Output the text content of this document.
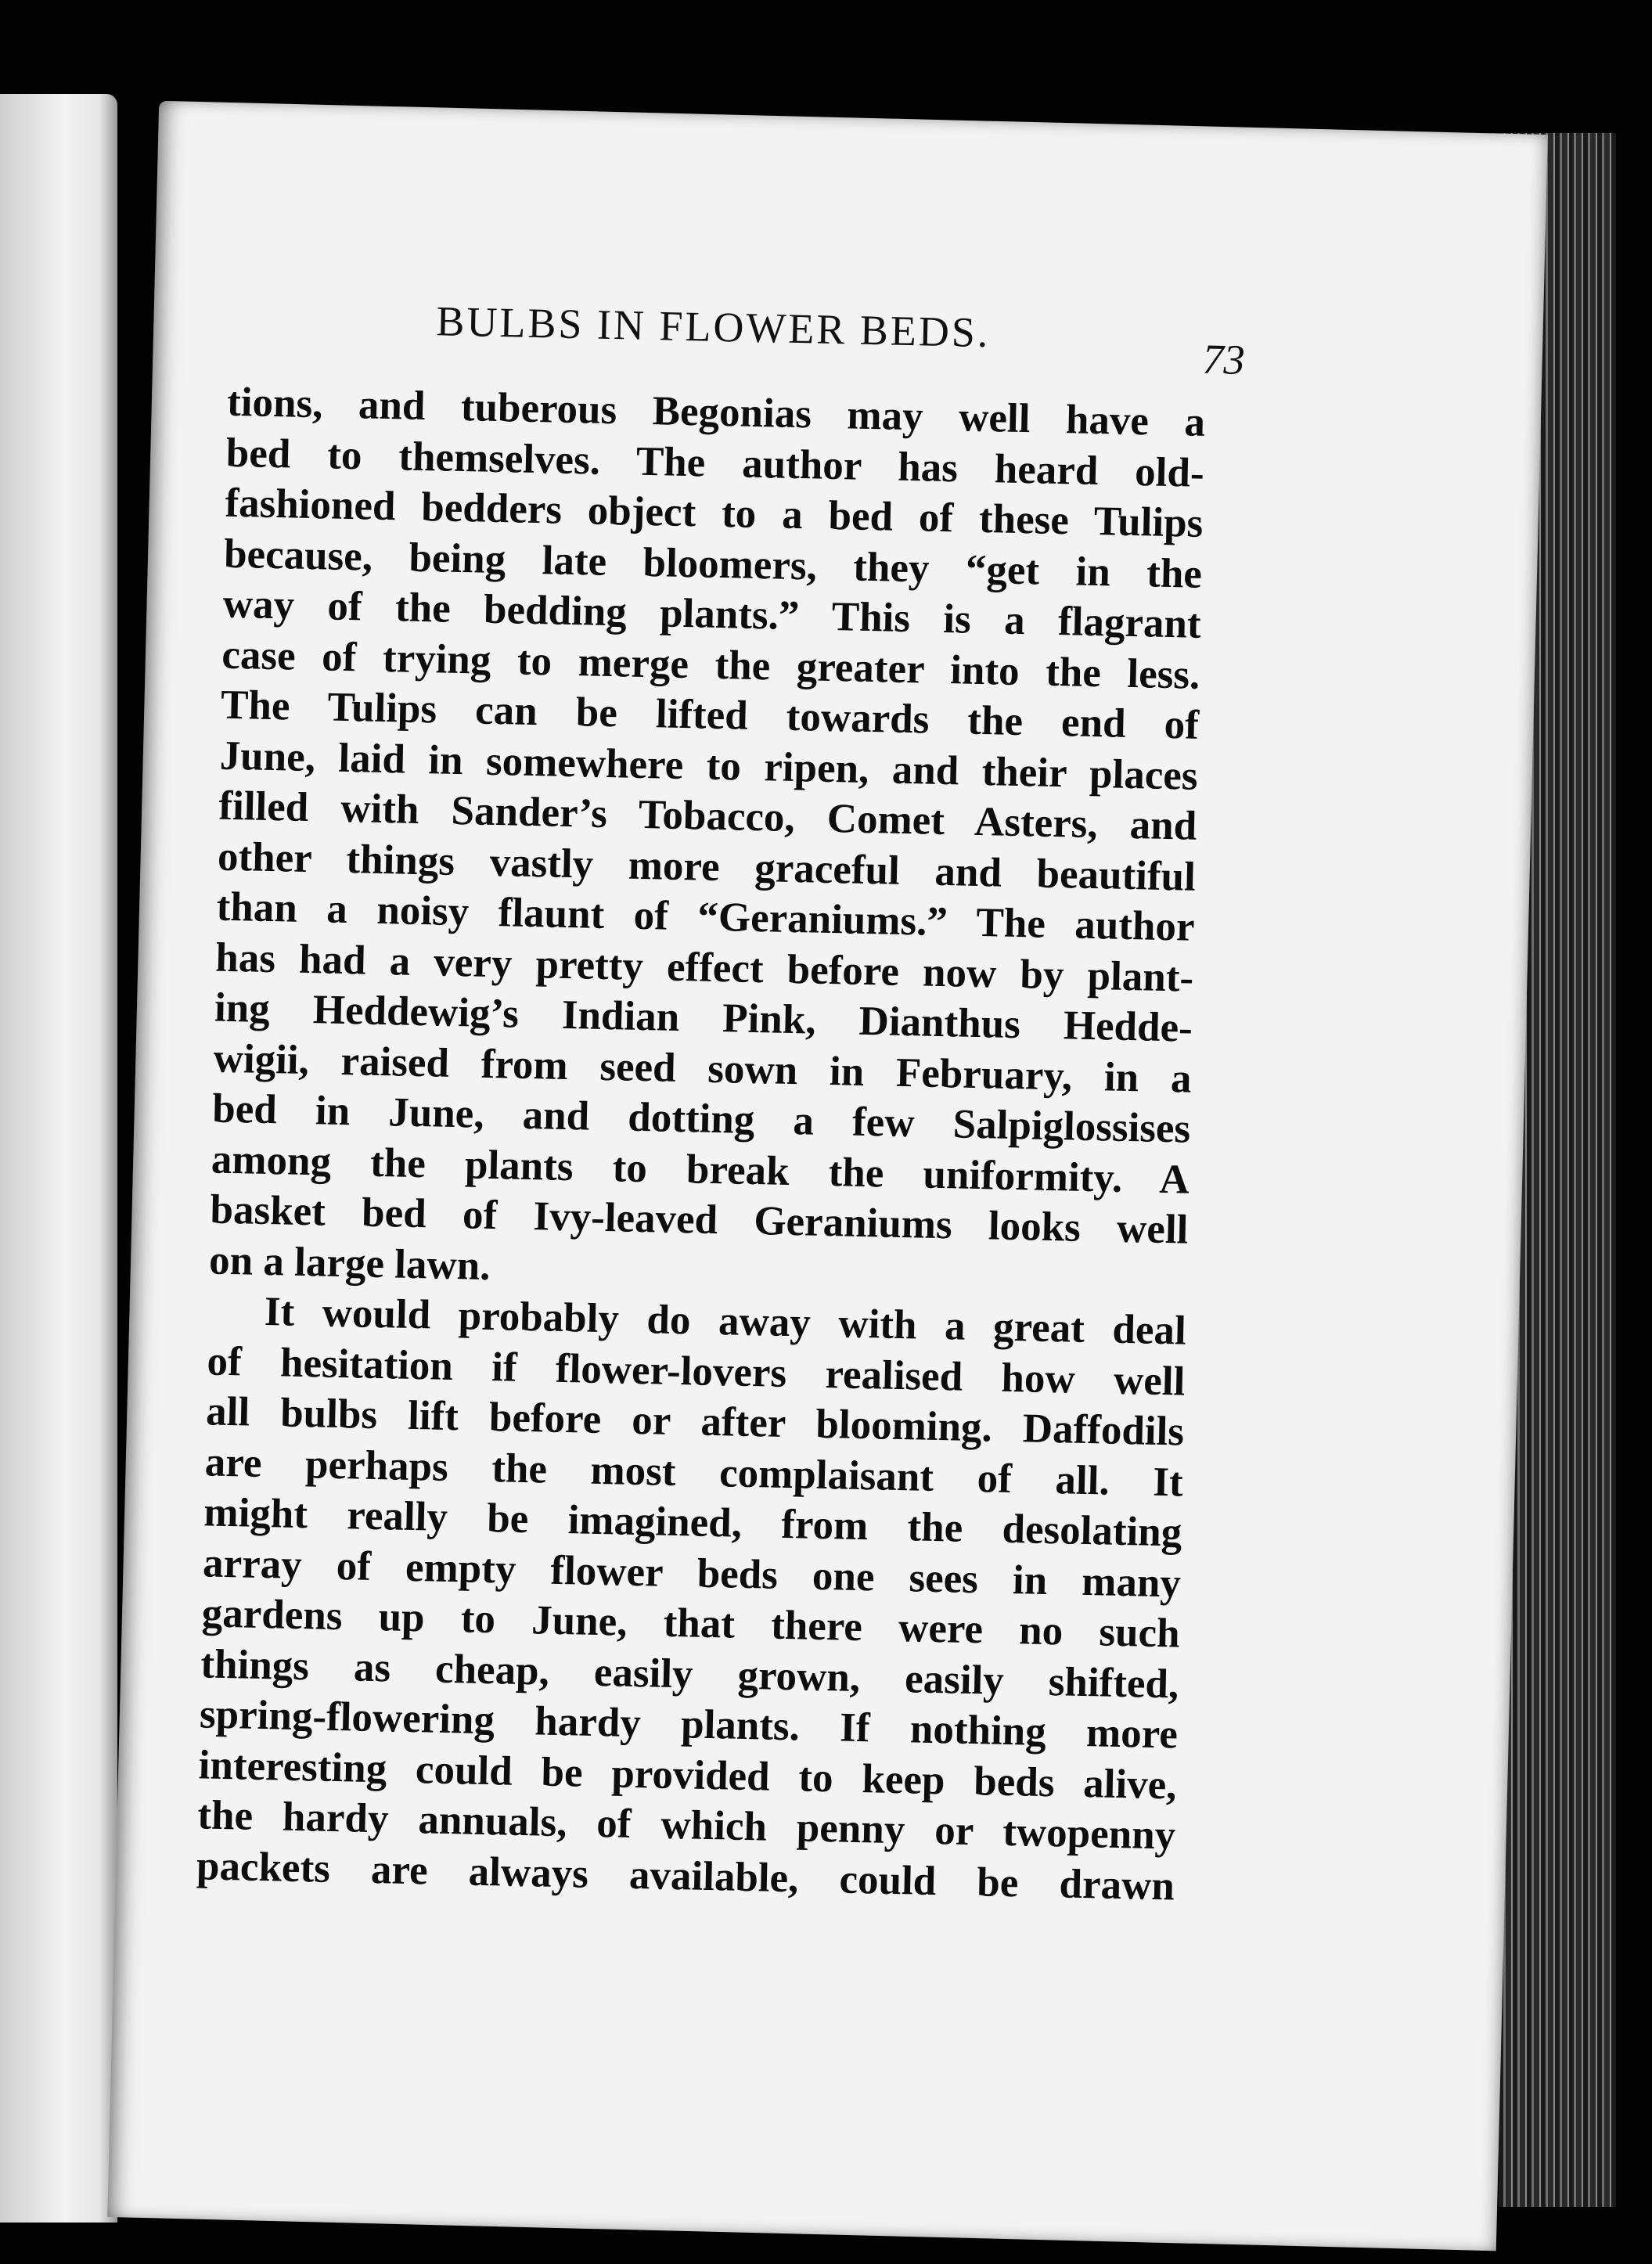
BULBS IN FLOWER BEDS.
73
tions, and tuberous Begonias may well have a
bed to themselves. The author has heard old-
fashioned bedders object to a bed of these Tulips
because, being late bloomers, they “get in the
way of the bedding plants.” This is a flagrant
case of trying to merge the greater into the less.
The Tulips can be lifted towards the end of
June, laid in somewhere to ripen, and their places
filled with Sander’s Tobacco, Comet Asters, and
other things vastly more graceful and beautiful
than a noisy flaunt of “Geraniums.” The author
has had a very pretty effect before now by plant-
ing Heddewig’s Indian Pink, Dianthus Hedde-
wigii, raised from seed sown in February, in a
bed in June, and dotting a few Salpiglossises
among the plants to break the uniformity. A
basket bed of Ivy-leaved Geraniums looks well
on a large lawn.
It would probably do away with a great deal
of hesitation if flower-lovers realised how well
all bulbs lift before or after blooming. Daffodils
are perhaps the most complaisant of all. It
might really be imagined, from the desolating
array of empty flower beds one sees in many
gardens up to June, that there were no such
things as cheap, easily grown, easily shifted,
spring-flowering hardy plants. If nothing more
interesting could be provided to keep beds alive,
the hardy annuals, of which penny or twopenny
packets are always available, could be drawn
